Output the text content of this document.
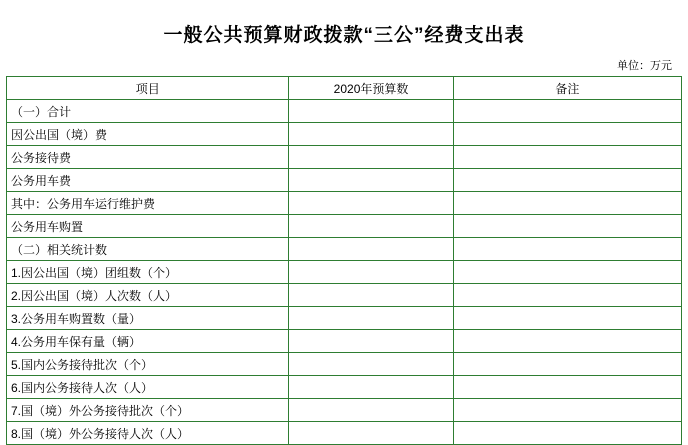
一般公共预算财政拨款“三公”经费支出表
单位：万元
项目	2020年预算数	备注
（一）合计		
因公出国（境）费		
公务接待费		
公务用车费		
其中：公务用车运行维护费		
公务用车购置		
（二）相关统计数		
1.因公出国（境）团组数（个）		
2.因公出国（境）人次数（人）		
3.公务用车购置数（量）		
4.公务用车保有量（辆）		
5.国内公务接待批次（个）		
6.国内公务接待人次（人）		
7.国（境）外公务接待批次（个）		
8.国（境）外公务接待人次（人）		
